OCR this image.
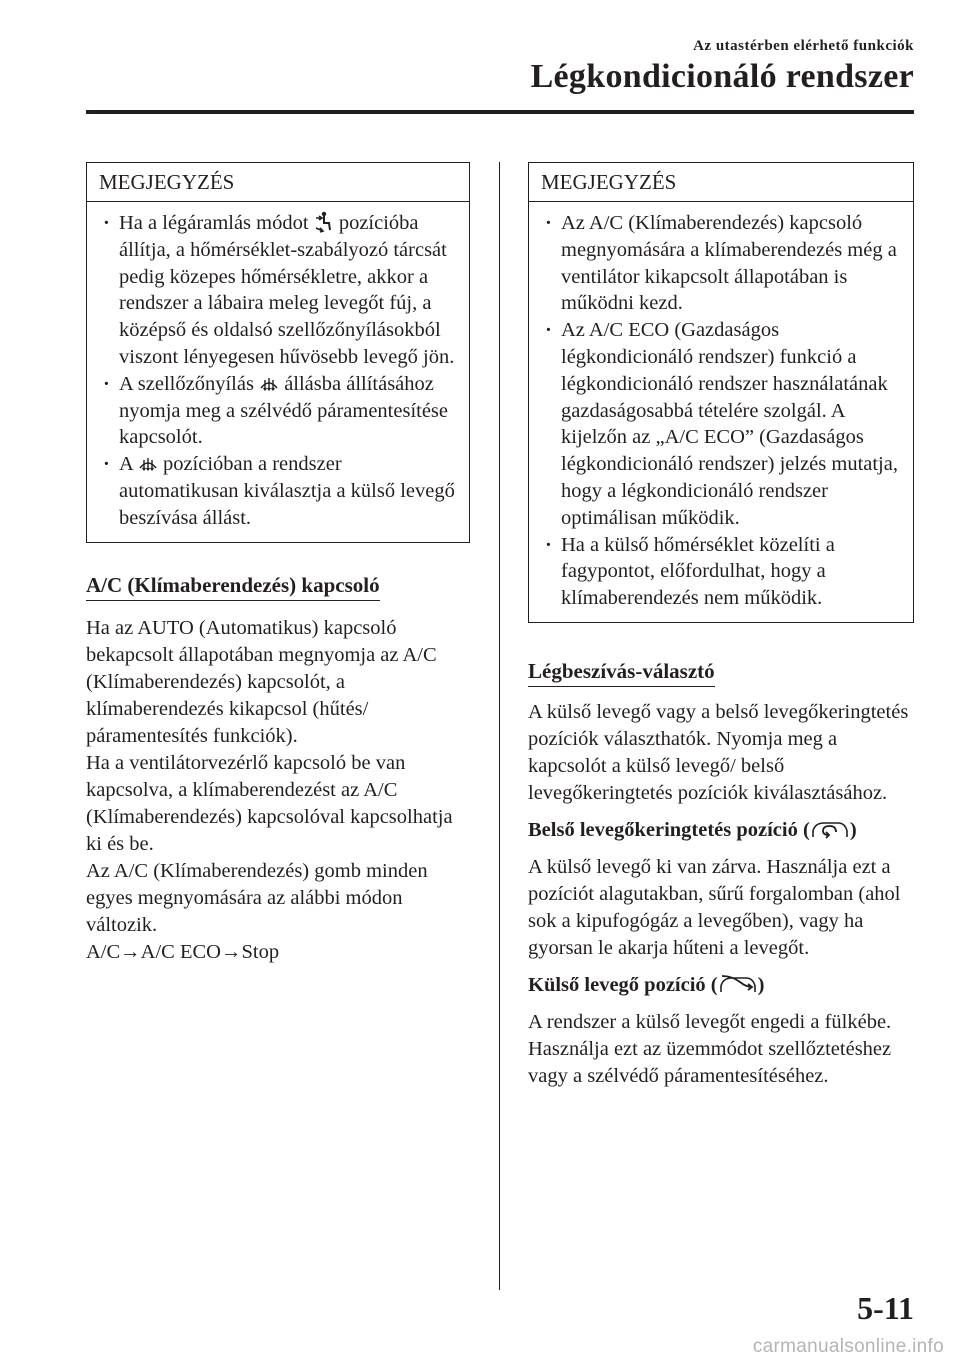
Az utastérben elérhető funkciók
Légkondicionáló rendszer
MEGJEGYZÉS
· Ha a légáramlás módot
pozícióba állítja, a hőmérséklet-szabályozó tárcsát pedig közepes hőmérsékletre, akkor a rendszer a lábaira meleg levegőt fúj, a középső és oldalsó szellőzőnyílásokból viszont lényegesen hűvösebb levegő jön.
· A szellőzőnyílás
állásba állításához nyomja meg a szélvédő páramentesítése kapcsolót.
· A
pozícióban a rendszer automatikusan kiválasztja a külső levegő beszívása állást.
A/C (Klímaberendezés) kapcsoló

Ha az AUTO (Automatikus) kapcsoló bekapcsolt állapotában megnyomja az A/C (Klímaberendezés) kapcsolót, a klímaberendezés kikapcsol (hűtés/ páramentesítés funkciók).

Ha a ventilátorvezérlő kapcsoló be van kapcsolva, a klímaberendezést az A/C (Klímaberendezés) kapcsolóval kapcsolhatja ki és be.

Az A/C (Klímaberendezés) gomb minden egyes megnyomására az alábbi módon változik.

A/C→A/C ECO→Stop

MEGJEGYZÉS
· Az A/C (Klímaberendezés) kapcsoló megnyomására a klímaberendezés még a ventilátor kikapcsolt állapotában is működni kezd.
· Az A/C ECO (Gazdaságos légkondicionáló rendszer) funkció a légkondicionáló rendszer használatának gazdaságosabbá tételére szolgál. A kijelzőn az „A/C ECO” (Gazdaságos légkondicionáló rendszer) jelzés mutatja, hogy a légkondicionáló rendszer optimálisan működik.
· Ha a külső hőmérséklet közelíti a fagypontot, előfordulhat, hogy a klímaberendezés nem működik.
Légbeszívás-választó

A külső levegő vagy a belső levegőkeringtetés pozíciók választhatók. Nyomja meg a kapcsolót a külső levegő/ belső levegőkeringtetés pozíciók kiválasztásához.

Belső levegőkeringtetés pozíció ( )

A külső levegő ki van zárva. Használja ezt a pozíciót alagutakban, sűrű forgalomban (ahol sok a kipufogógáz a levegőben), vagy ha gyorsan le akarja hűteni a levegőt.

Külső levegő pozíció ( )

A rendszer a külső levegőt engedi a fülkébe. Használja ezt az üzemmódot szellőztetéshez vagy a szélvédő páramentesítéséhez.

5-11
carmanualsonline.info
